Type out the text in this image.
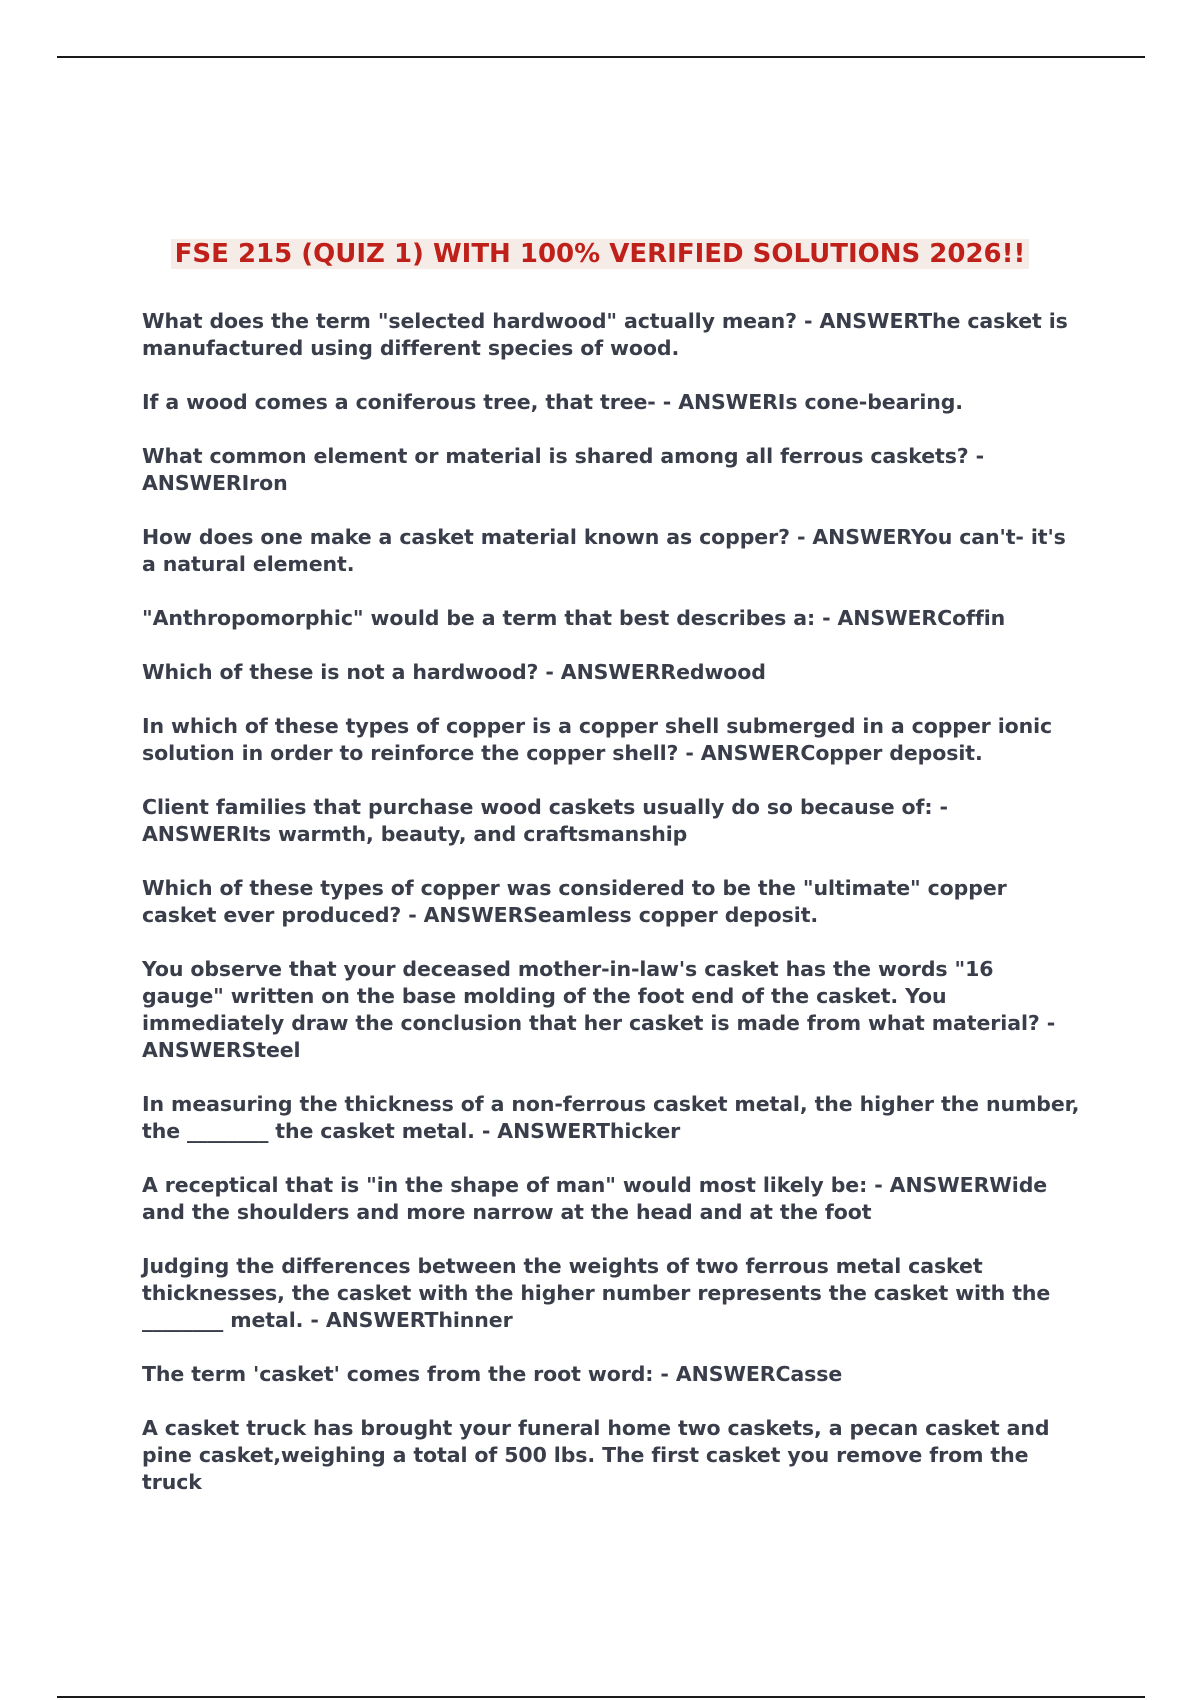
FSE 215 (QUIZ 1) WITH 100% VERIFIED SOLUTIONS 2026!!
What does the term "selected hardwood" actually mean? - ANSWERThe casket is manufactured using different species of wood.
If a wood comes a coniferous tree, that tree- - ANSWERIs cone-bearing.
What common element or material is shared among all ferrous caskets? - ANSWERIron
How does one make a casket material known as copper? - ANSWERYou can't- it's a natural element.
"Anthropomorphic" would be a term that best describes a: - ANSWERCoffin
Which of these is not a hardwood? - ANSWERRedwood
In which of these types of copper is a copper shell submerged in a copper ionic solution in order to reinforce the copper shell? - ANSWERCopper deposit.
Client families that purchase wood caskets usually do so because of: - ANSWERIts warmth, beauty, and craftsmanship
Which of these types of copper was considered to be the "ultimate" copper casket ever produced? - ANSWERSeamless copper deposit.
You observe that your deceased mother-in-law's casket has the words "16 gauge" written on the base molding of the foot end of the casket. You immediately draw the conclusion that her casket is made from what material? - ANSWERSteel
In measuring the thickness of a non-ferrous casket metal, the higher the number, the ________ the casket metal. - ANSWERThicker
A receptical that is "in the shape of man" would most likely be: - ANSWERWide and the shoulders and more narrow at the head and at the foot
Judging the differences between the weights of two ferrous metal casket thicknesses, the casket with the higher number represents the casket with the ________ metal. - ANSWERThinner
The term 'casket' comes from the root word: - ANSWERCasse
A casket truck has brought your funeral home two caskets, a pecan casket and pine casket,weighing a total of 500 lbs. The first casket you remove from the truck
